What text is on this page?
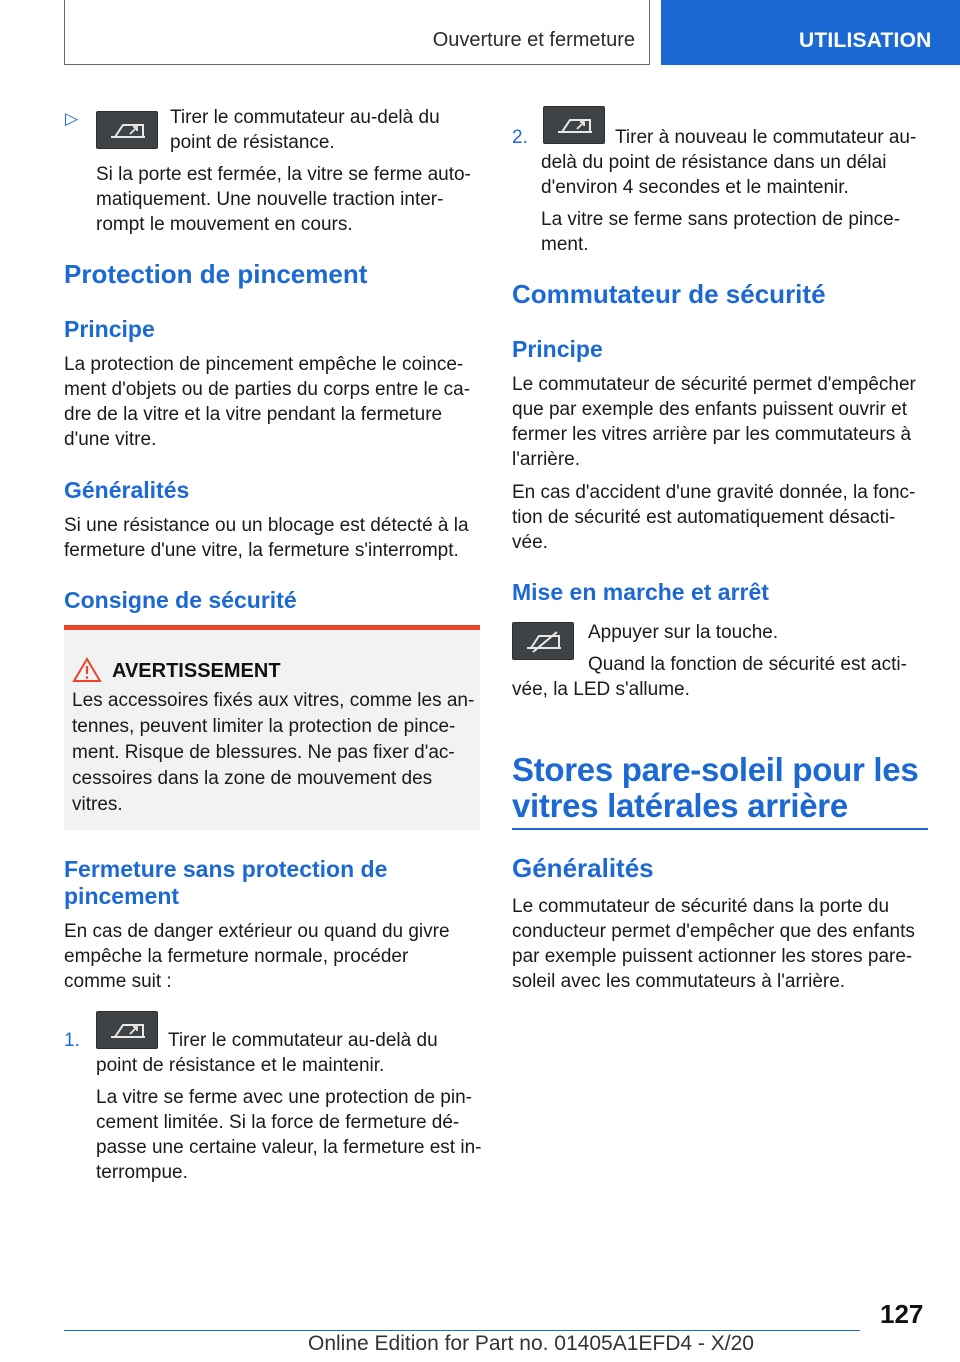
Ouverture et fermeture	UTILISATION
▷	Tirer le commutateur au-delà du
point de résistance.
Si la porte est fermée, la vitre se ferme auto-
matiquement. Une nouvelle traction inter-
rompt le mouvement en cours.
Protection de pincement
Principe
La protection de pincement empêche le coince-
ment d'objets ou de parties du corps entre le ca-
dre de la vitre et la vitre pendant la fermeture
d'une vitre.
Généralités
Si une résistance ou un blocage est détecté à la
fermeture d'une vitre, la fermeture s'interrompt.
Consigne de sécurité
AVERTISSEMENT
Les accessoires fixés aux vitres, comme les an-
tennes, peuvent limiter la protection de pince-
ment. Risque de blessures. Ne pas fixer d'ac-
cessoires dans la zone de mouvement des
vitres.
Fermeture sans protection de
pincement
En cas de danger extérieur ou quand du givre
empêche la fermeture normale, procéder
comme suit :
1.	Tirer le commutateur au-delà du
point de résistance et le maintenir.
La vitre se ferme avec une protection de pin-
cement limitée. Si la force de fermeture dé-
passe une certaine valeur, la fermeture est in-
terrompue.
2.	Tirer à nouveau le commutateur au-
delà du point de résistance dans un délai
d'environ 4 secondes et le maintenir.
La vitre se ferme sans protection de pince-
ment.
Commutateur de sécurité
Principe
Le commutateur de sécurité permet d'empêcher
que par exemple des enfants puissent ouvrir et
fermer les vitres arrière par les commutateurs à
l'arrière.
En cas d'accident d'une gravité donnée, la fonc-
tion de sécurité est automatiquement désacti-
vée.
Mise en marche et arrêt
Appuyer sur la touche.
Quand la fonction de sécurité est acti-
vée, la LED s'allume.
Stores pare-soleil pour les
vitres latérales arrière
Généralités
Le commutateur de sécurité dans la porte du
conducteur permet d'empêcher que des enfants
par exemple puissent actionner les stores pare-
soleil avec les commutateurs à l'arrière.
127
Online Edition for Part no. 01405A1EFD4 - X/20
